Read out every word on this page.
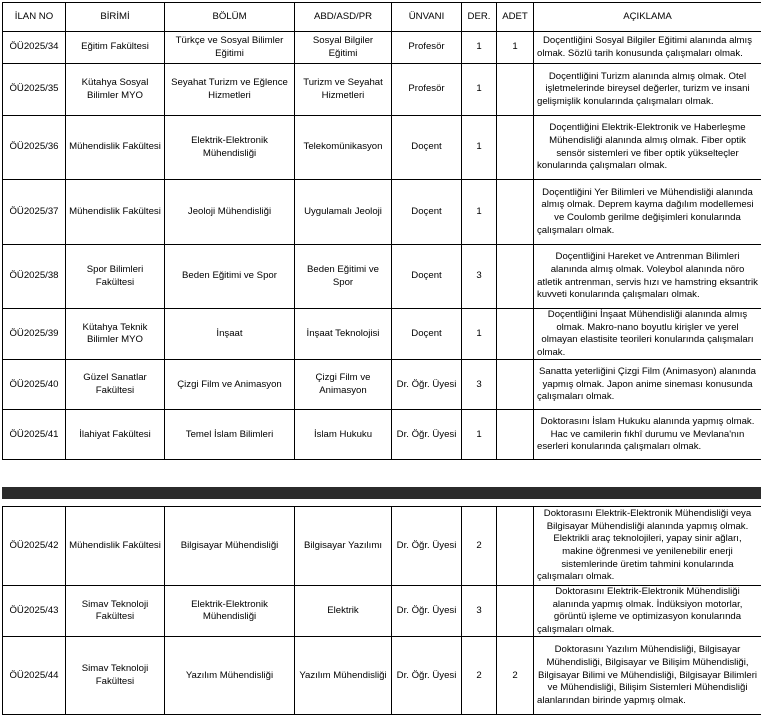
İLAN NO	BİRİMİ	BÖLÜM	ABD/ASD/PR	ÜNVANI	DER.	ADET	AÇIKLAMA
ÖÜ2025/34	Eğitim Fakültesi	Türkçe ve Sosyal Bilimler Eğitimi	Sosyal Bilgiler Eğitimi	Profesör	1	1	Doçentliğini Sosyal Bilgiler Eğitimi alanında almış olmak. Sözlü tarih konusunda çalışmaları olmak.
ÖÜ2025/35	Kütahya Sosyal Bilimler MYO	Seyahat Turizm ve Eğlence Hizmetleri	Turizm ve Seyahat Hizmetleri	Profesör	1		Doçentliğini Turizm alanında almış olmak. Otel işletmelerinde bireysel değerler, turizm ve insani gelişmişlik konularında çalışmaları olmak.
ÖÜ2025/36	Mühendislik Fakültesi	Elektrik-Elektronik Mühendisliği	Telekomünikasyon	Doçent	1		Doçentliğini Elektrik-Elektronik ve Haberleşme Mühendisliği alanında almış olmak. Fiber optik sensör sistemleri ve fiber optik yükselteçler konularında çalışmaları olmak.
ÖÜ2025/37	Mühendislik Fakültesi	Jeoloji Mühendisliği	Uygulamalı Jeoloji	Doçent	1		Doçentliğini Yer Bilimleri ve Mühendisliği alanında almış olmak. Deprem kayma dağılım modellemesi ve Coulomb gerilme değişimleri konularında çalışmaları olmak.
ÖÜ2025/38	Spor Bilimleri Fakültesi	Beden Eğitimi ve Spor	Beden Eğitimi ve Spor	Doçent	3		Doçentliğini Hareket ve Antrenman Bilimleri alanında almış olmak. Voleybol alanında nöro atletik antrenman, servis hızı ve hamstring eksantrik kuvveti konularında çalışmaları olmak.
ÖÜ2025/39	Kütahya Teknik Bilimler MYO	İnşaat	İnşaat Teknolojisi	Doçent	1		Doçentliğini İnşaat Mühendisliği alanında almış olmak. Makro-nano boyutlu kirişler ve yerel olmayan elastisite teorileri konularında çalışmaları olmak.
ÖÜ2025/40	Güzel Sanatlar Fakültesi	Çizgi Film ve Animasyon	Çizgi Film ve Animasyon	Dr. Öğr. Üyesi	3		Sanatta yeterliğini Çizgi Film (Animasyon) alanında yapmış olmak. Japon anime sineması konusunda çalışmaları olmak.
ÖÜ2025/41	İlahiyat Fakültesi	Temel İslam Bilimleri	İslam Hukuku	Dr. Öğr. Üyesi	1		Doktorasını İslam Hukuku alanında yapmış olmak. Hac ve camilerin fıkhî durumu ve Mevlana'nın eserleri konularında çalışmaları olmak.
ÖÜ2025/42	Mühendislik Fakültesi	Bilgisayar Mühendisliği	Bilgisayar Yazılımı	Dr. Öğr. Üyesi	2		Doktorasını Elektrik-Elektronik Mühendisliği veya Bilgisayar Mühendisliği alanında yapmış olmak. Elektrikli araç teknolojileri, yapay sinir ağları, makine öğrenmesi ve yenilenebilir enerji sistemlerinde üretim tahmini konularında çalışmaları olmak.
ÖÜ2025/43	Simav Teknoloji Fakültesi	Elektrik-Elektronik Mühendisliği	Elektrik	Dr. Öğr. Üyesi	3		Doktorasını Elektrik-Elektronik Mühendisliği alanında yapmış olmak. İndüksiyon motorlar, görüntü işleme ve optimizasyon konularında çalışmaları olmak.
ÖÜ2025/44	Simav Teknoloji Fakültesi	Yazılım Mühendisliği	Yazılım Mühendisliği	Dr. Öğr. Üyesi	2	2	Doktorasını Yazılım Mühendisliği, Bilgisayar Mühendisliği, Bilgisayar ve Bilişim Mühendisliği, Bilgisayar Bilimi ve Mühendisliği, Bilgisayar Bilimleri ve Mühendisliği, Bilişim Sistemleri Mühendisliği alanlarından birinde yapmış olmak.
